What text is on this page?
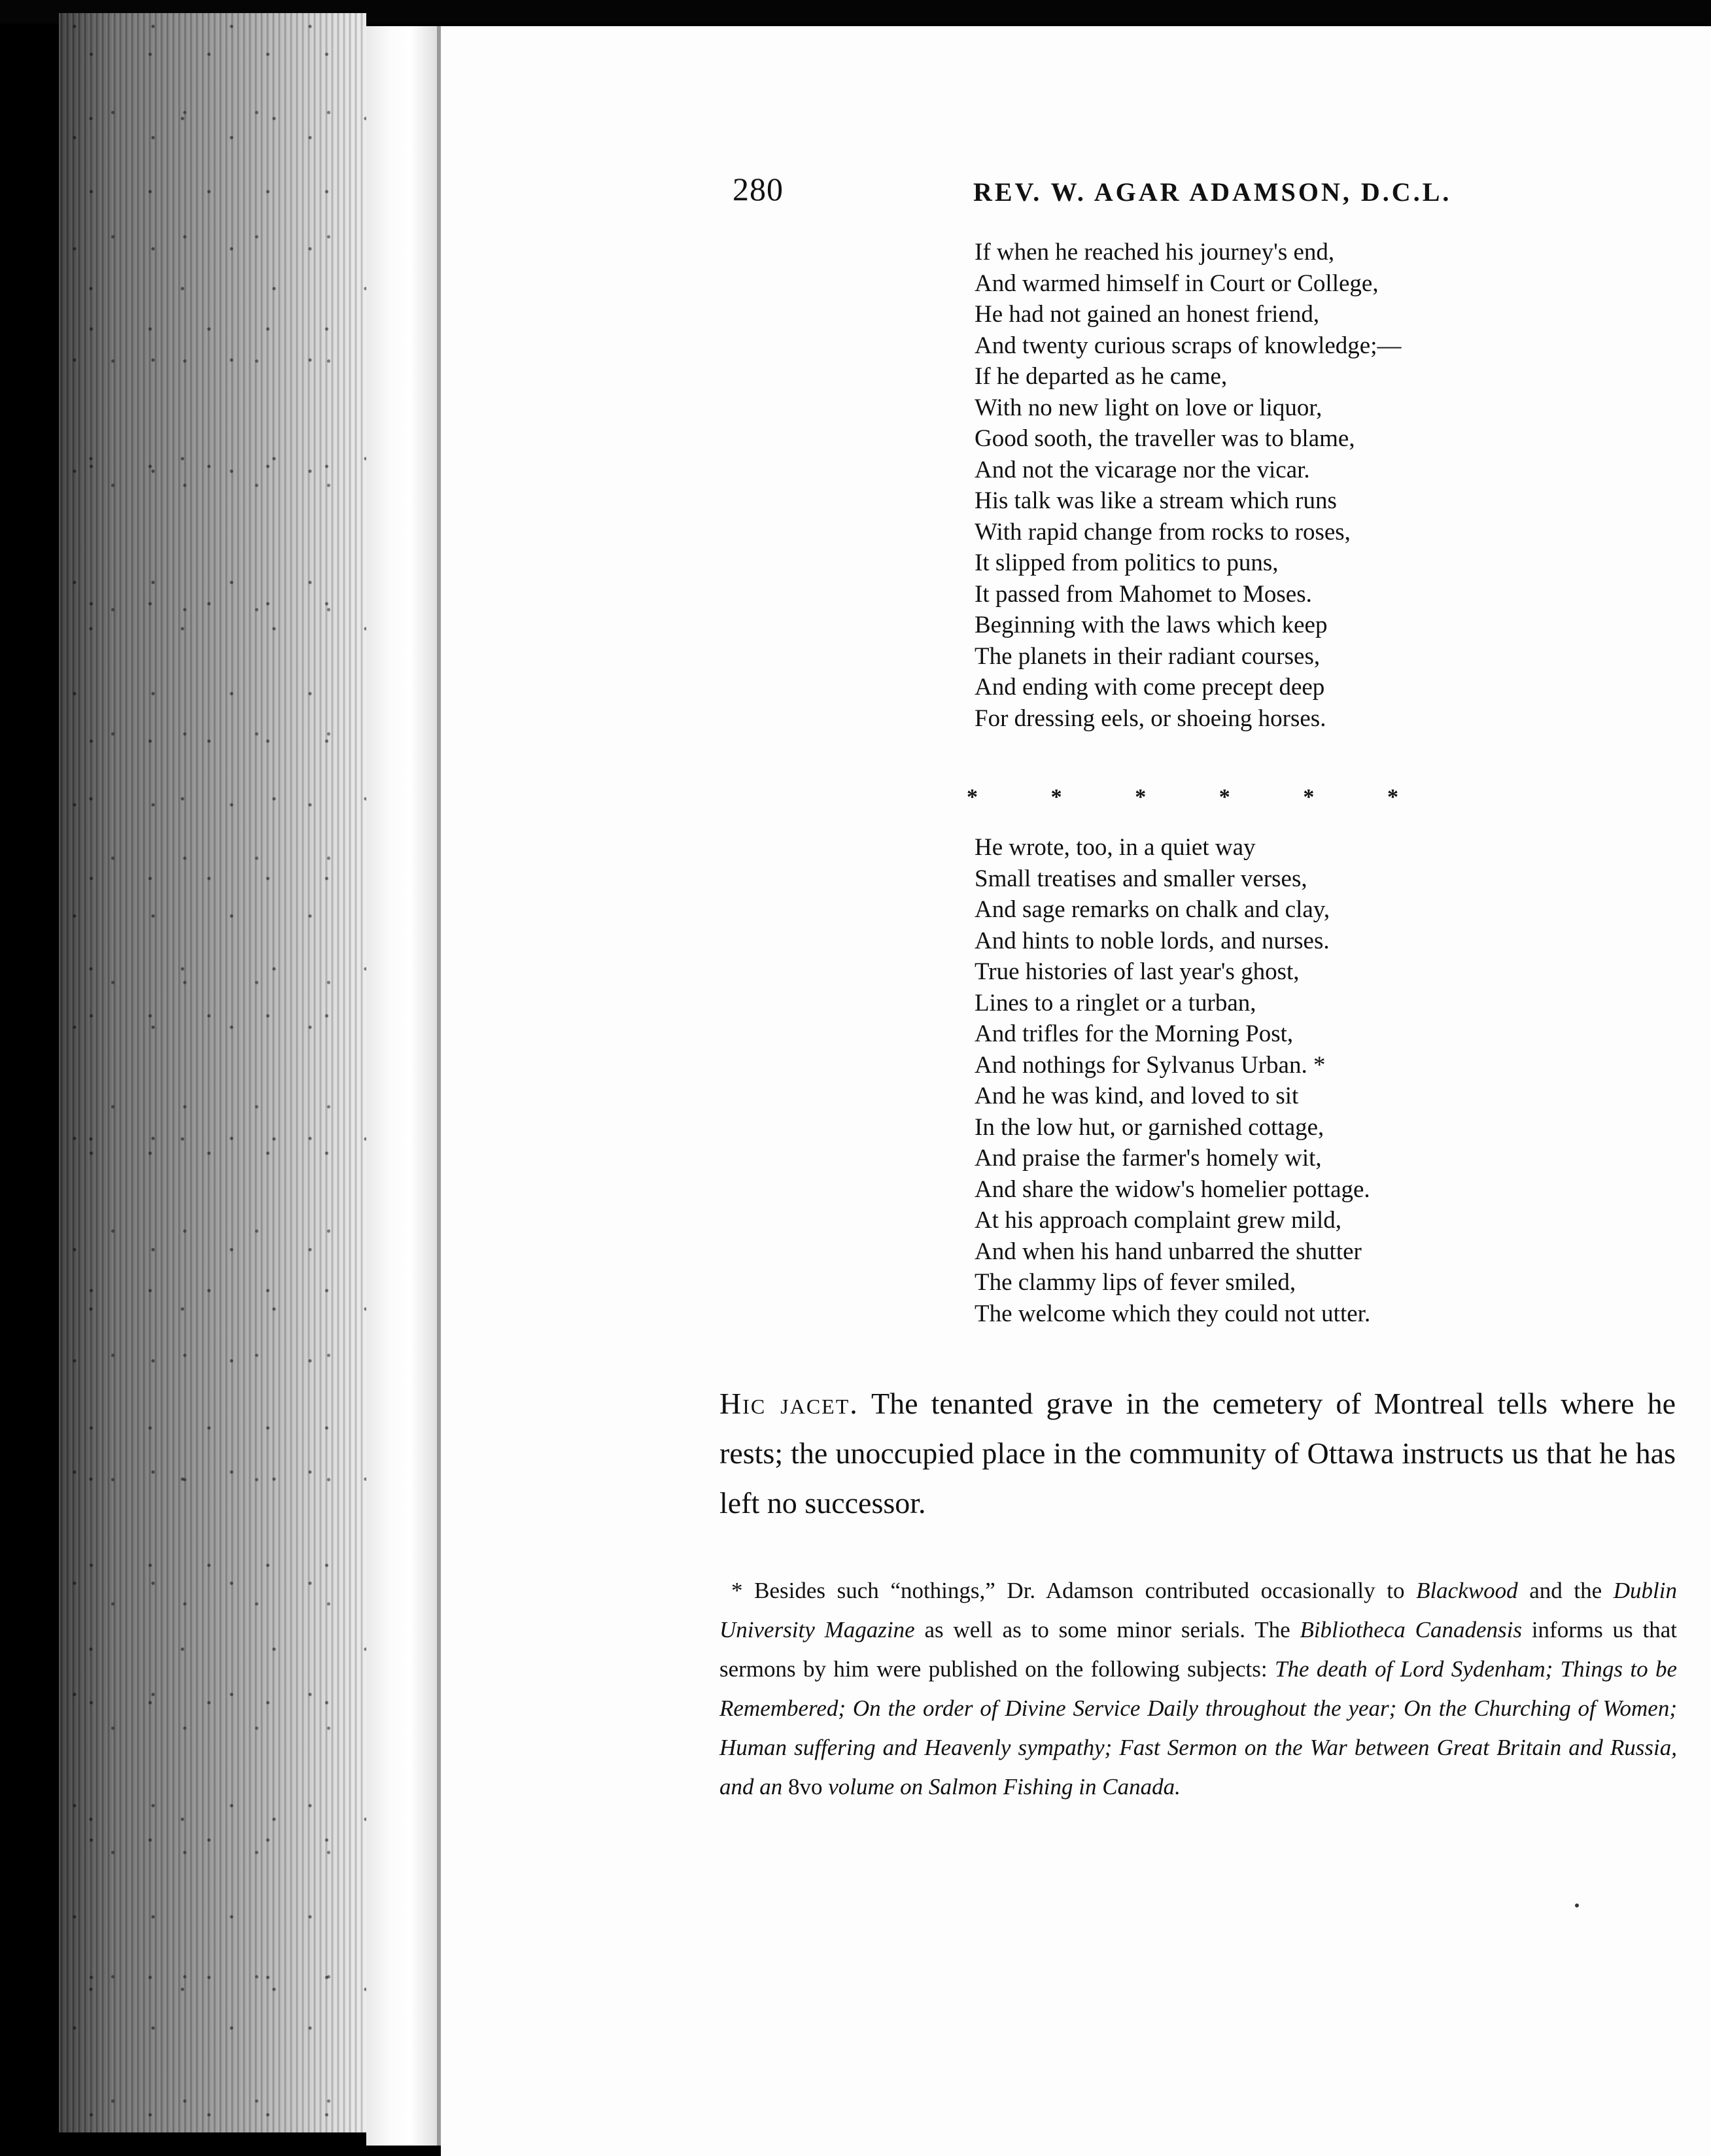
280	REV. W. AGAR ADAMSON, D.C.L.
If when he reached his journey's end,
And warmed himself in Court or College,
He had not gained an honest friend,
And twenty curious scraps of knowledge;—
If he departed as he came,
With no new light on love or liquor,
Good sooth, the traveller was to blame,
And not the vicarage nor the vicar.
His talk was like a stream which runs
With rapid change from rocks to roses,
It slipped from politics to puns,
It passed from Mahomet to Moses.
Beginning with the laws which keep
The planets in their radiant courses,
And ending with come precept deep
For dressing eels, or shoeing horses.
*	*	*	*	*	*
He wrote, too, in a quiet way
Small treatises and smaller verses,
And sage remarks on chalk and clay,
And hints to noble lords, and nurses.
True histories of last year's ghost,
Lines to a ringlet or a turban,
And trifles for the Morning Post,
And nothings for Sylvanus Urban. *
And he was kind, and loved to sit
In the low hut, or garnished cottage,
And praise the farmer's homely wit,
And share the widow's homelier pottage.
At his approach complaint grew mild,
And when his hand unbarred the shutter
The clammy lips of fever smiled,
The welcome which they could not utter.

Hic jacet. The tenanted grave in the cemetery of Montreal tells where he rests; the unoccupied place in the community of Ottawa instructs us that he has left no successor.

* Besides such “nothings,” Dr. Adamson contributed occasionally to Blackwood and the Dublin University Magazine as well as to some minor serials. The Bibliotheca Canadensis informs us that sermons by him were published on the following subjects: The death of Lord Sydenham; Things to be Remembered; On the order of Divine Service Daily throughout the year; On the Churching of Women; Human suffering and Heavenly sympathy; Fast Sermon on the War between Great Britain and Russia, and an 8vo volume on Salmon Fishing in Canada.
